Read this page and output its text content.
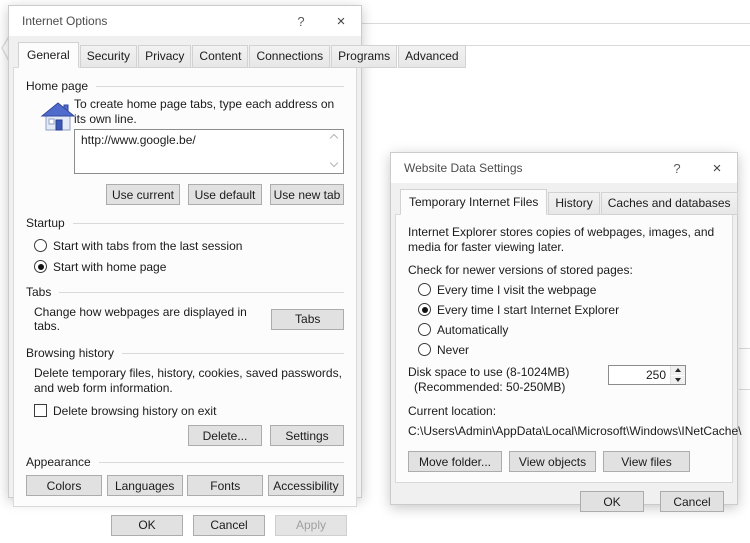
Internet Options	?	×
General	Security	Privacy	Content	Connections	Programs	Advanced
Home page
To create home page tabs, type each address on its own line.
http://www.google.be/
Use current	Use default	Use new tab
Startup
Start with tabs from the last session
Start with home page
Tabs
Change how webpages are displayed in tabs.	Tabs
Browsing history
Delete temporary files, history, cookies, saved passwords, and web form information.
Delete browsing history on exit
Delete...	Settings
Appearance
Colors	Languages	Fonts	Accessibility
OK	Cancel	Apply
Website Data Settings	?	×
Temporary Internet Files	History	Caches and databases
Internet Explorer stores copies of webpages, images, and media for faster viewing later.
Check for newer versions of stored pages:
Every time I visit the webpage
Every time I start Internet Explorer
Automatically
Never
Disk space to use (8-1024MB)
(Recommended: 50-250MB)
250
Current location:
C:\Users\Admin\AppData\Local\Microsoft\Windows\INetCache\
Move folder...	View objects	View files
OK	Cancel
